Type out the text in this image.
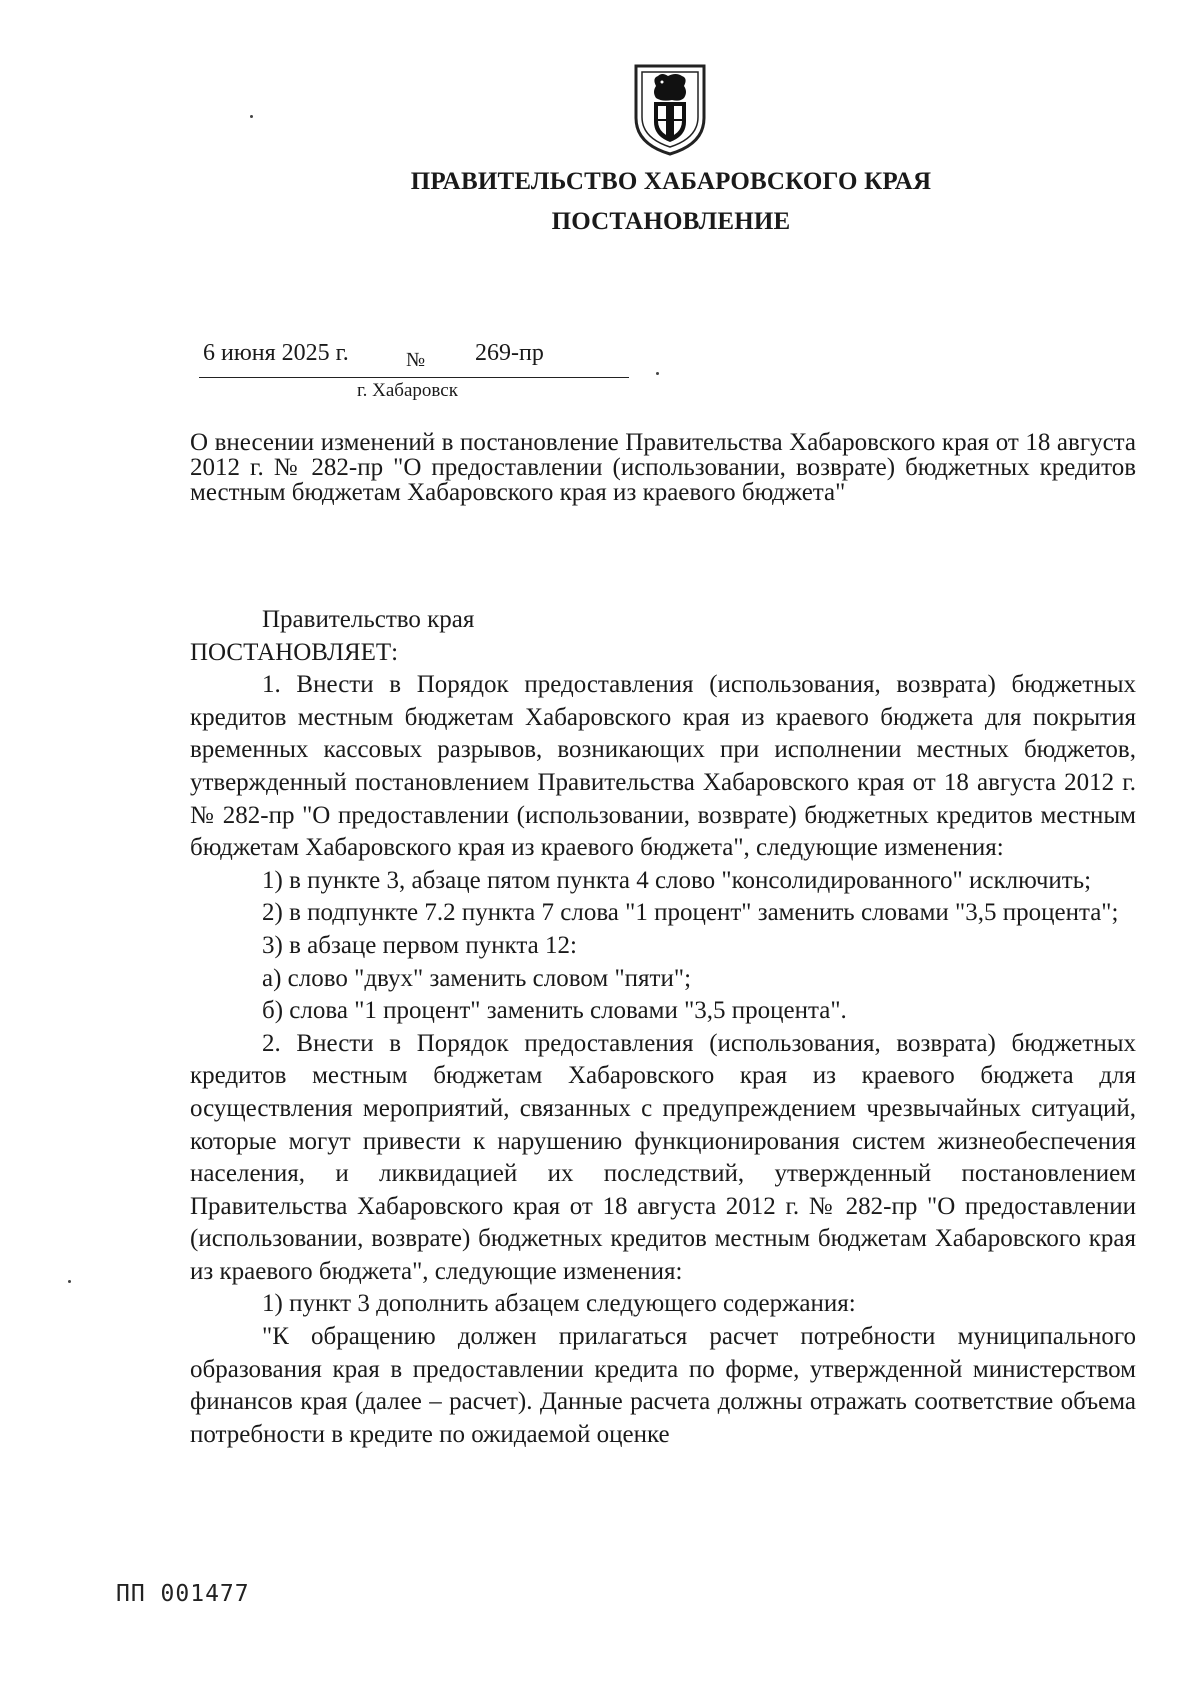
ПРАВИТЕЛЬСТВО ХАБАРОВСКОГО КРАЯ
ПОСТАНОВЛЕНИЕ
6 июня 2025 г.	№ 269-пр
г. Хабаровск
О внесении изменений в постановление Правительства Хабаровского края от 18 августа 2012 г. № 282-пр "О предоставлении (использовании, возврате) бюджетных кредитов местным бюджетам Хабаровского края из краевого бюджета"

Правительство края

ПОСТАНОВЛЯЕТ:

1. Внести в Порядок предоставления (использования, возврата) бюджетных кредитов местным бюджетам Хабаровского края из краевого бюджета для покрытия временных кассовых разрывов, возникающих при исполнении местных бюджетов, утвержденный постановлением Правительства Хабаровского края от 18 августа 2012 г. № 282-пр "О предоставлении (использовании, возврате) бюджетных кредитов местным бюджетам Хабаровского края из краевого бюджета", следующие изменения:

1) в пункте 3, абзаце пятом пункта 4 слово "консолидированного" исключить;

2) в подпункте 7.2 пункта 7 слова "1 процент" заменить словами "3,5 процента";

3) в абзаце первом пункта 12:

а) слово "двух" заменить словом "пяти";

б) слова "1 процент" заменить словами "3,5 процента".

2. Внести в Порядок предоставления (использования, возврата) бюджетных кредитов местным бюджетам Хабаровского края из краевого бюджета для осуществления мероприятий, связанных с предупреждением чрезвычайных ситуаций, которые могут привести к нарушению функционирования систем жизнеобеспечения населения, и ликвидацией их последствий, утвержденный постановлением Правительства Хабаровского края от 18 августа 2012 г. № 282-пр "О предоставлении (использовании, возврате) бюджетных кредитов местным бюджетам Хабаровского края из краевого бюджета", следующие изменения:

1) пункт 3 дополнить абзацем следующего содержания:

"К обращению должен прилагаться расчет потребности муниципального образования края в предоставлении кредита по форме, утвержденной министерством финансов края (далее – расчет). Данные расчета должны отражать соответствие объема потребности в кредите по ожидаемой оценке

ПП 001477
